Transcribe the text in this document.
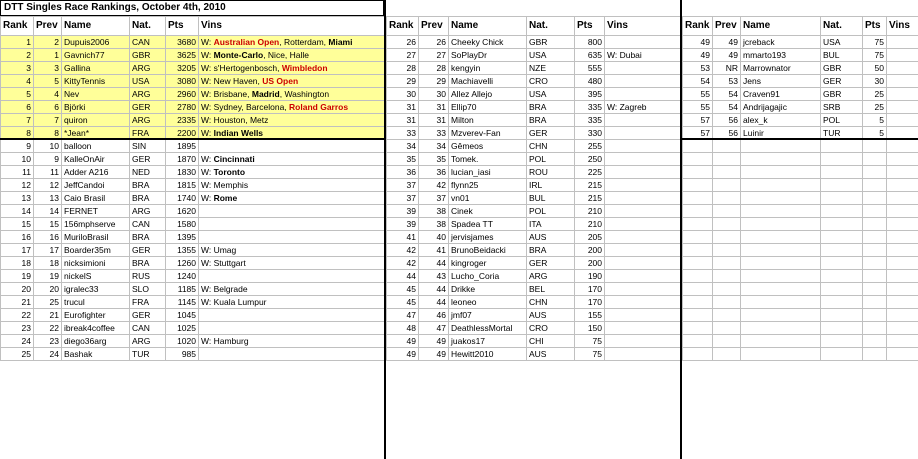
DTT Singles Race Rankings, October 4th, 2010
Rank	Prev	Name	Nat.	Pts	Vins
1	2	Dupuis2006	CAN	3680	W: Australian Open, Rotterdam, Miami
2	1	Gavnich77	GBR	3625	W: Monte-Carlo, Nice, Halle
3	3	Gallina	ARG	3205	W: s'Hertogenbosch, Wimbledon
4	5	KittyTennis	USA	3080	W: New Haven, US Open
5	4	Nev	ARG	2960	W: Brisbane, Madrid, Washington
6	6	Björki	GER	2780	W: Sydney, Barcelona, Roland Garros
7	7	quiron	ARG	2335	W: Houston, Metz
8	8	*Jean*	FRA	2200	W: Indian Wells
9	10	balloon	SIN	1895	
10	9	KalleOnAir	GER	1870	W: Cincinnati
11	11	Adder A216	NED	1830	W: Toronto
12	12	JeffCandoi	BRA	1815	W: Memphis
13	13	Caio Brasil	BRA	1740	W: Rome
14	14	FERNET	ARG	1620	
15	15	156mphserve	CAN	1580	
16	16	MuriloBrasil	BRA	1395	
17	17	Boarder35m	GER	1355	W: Umag
18	18	nicksimioni	BRA	1260	W: Stuttgart
19	19	nickelS	RUS	1240	
20	20	igralec33	SLO	1185	W: Belgrade
21	25	trucul	FRA	1145	W: Kuala Lumpur
22	21	Eurofighter	GER	1045	
23	22	ibreak4coffee	CAN	1025	
24	23	diego36arg	ARG	1020	W: Hamburg
25	24	Bashak	TUR	985	
Rank	Prev	Name	Nat.	Pts	Vins
26	26	Cheeky Chick	GBR	800	
27	27	SoPlayDr	USA	635	W: Dubai
28	28	kengyin	NZE	555	
29	29	Machiavelli	CRO	480	
30	30	Allez Allejo	USA	395	
31	31	Ellip70	BRA	335	W: Zagreb
31	31	Milton	BRA	335	
33	33	Mzverev-Fan	GER	330	
34	34	Gêmeos	CHN	255	
35	35	Tomek.	POL	250	
36	36	lucian_iasi	ROU	225	
37	42	flynn25	IRL	215	
37	37	vn01	BUL	215	
39	38	Cinek	POL	210	
39	38	Spadea TT	ITA	210	
41	40	jervisjames	AUS	205	
42	41	BrunoBeidacki	BRA	200	
42	44	kingroger	GER	200	
44	43	Lucho_Coria	ARG	190	
45	44	Drikke	BEL	170	
45	44	leoneo	CHN	170	
47	46	jmf07	AUS	155	
48	47	DeathlessMortal	CRO	150	
49	49	juakos17	CHI	75	
49	49	Hewitt2010	AUS	75	
Rank	Prev	Name	Nat.	Pts	Vins
49	49	jcreback	USA	75	
49	49	mmarto193	BUL	75	
53	NR	Marrownator	GBR	50	
54	53	Jens	GER	30	
55	54	Craven91	GBR	25	
55	54	Andrijagajic	SRB	25	
57	56	alex_k	POL	5	
57	56	Luinir	TUR	5	
